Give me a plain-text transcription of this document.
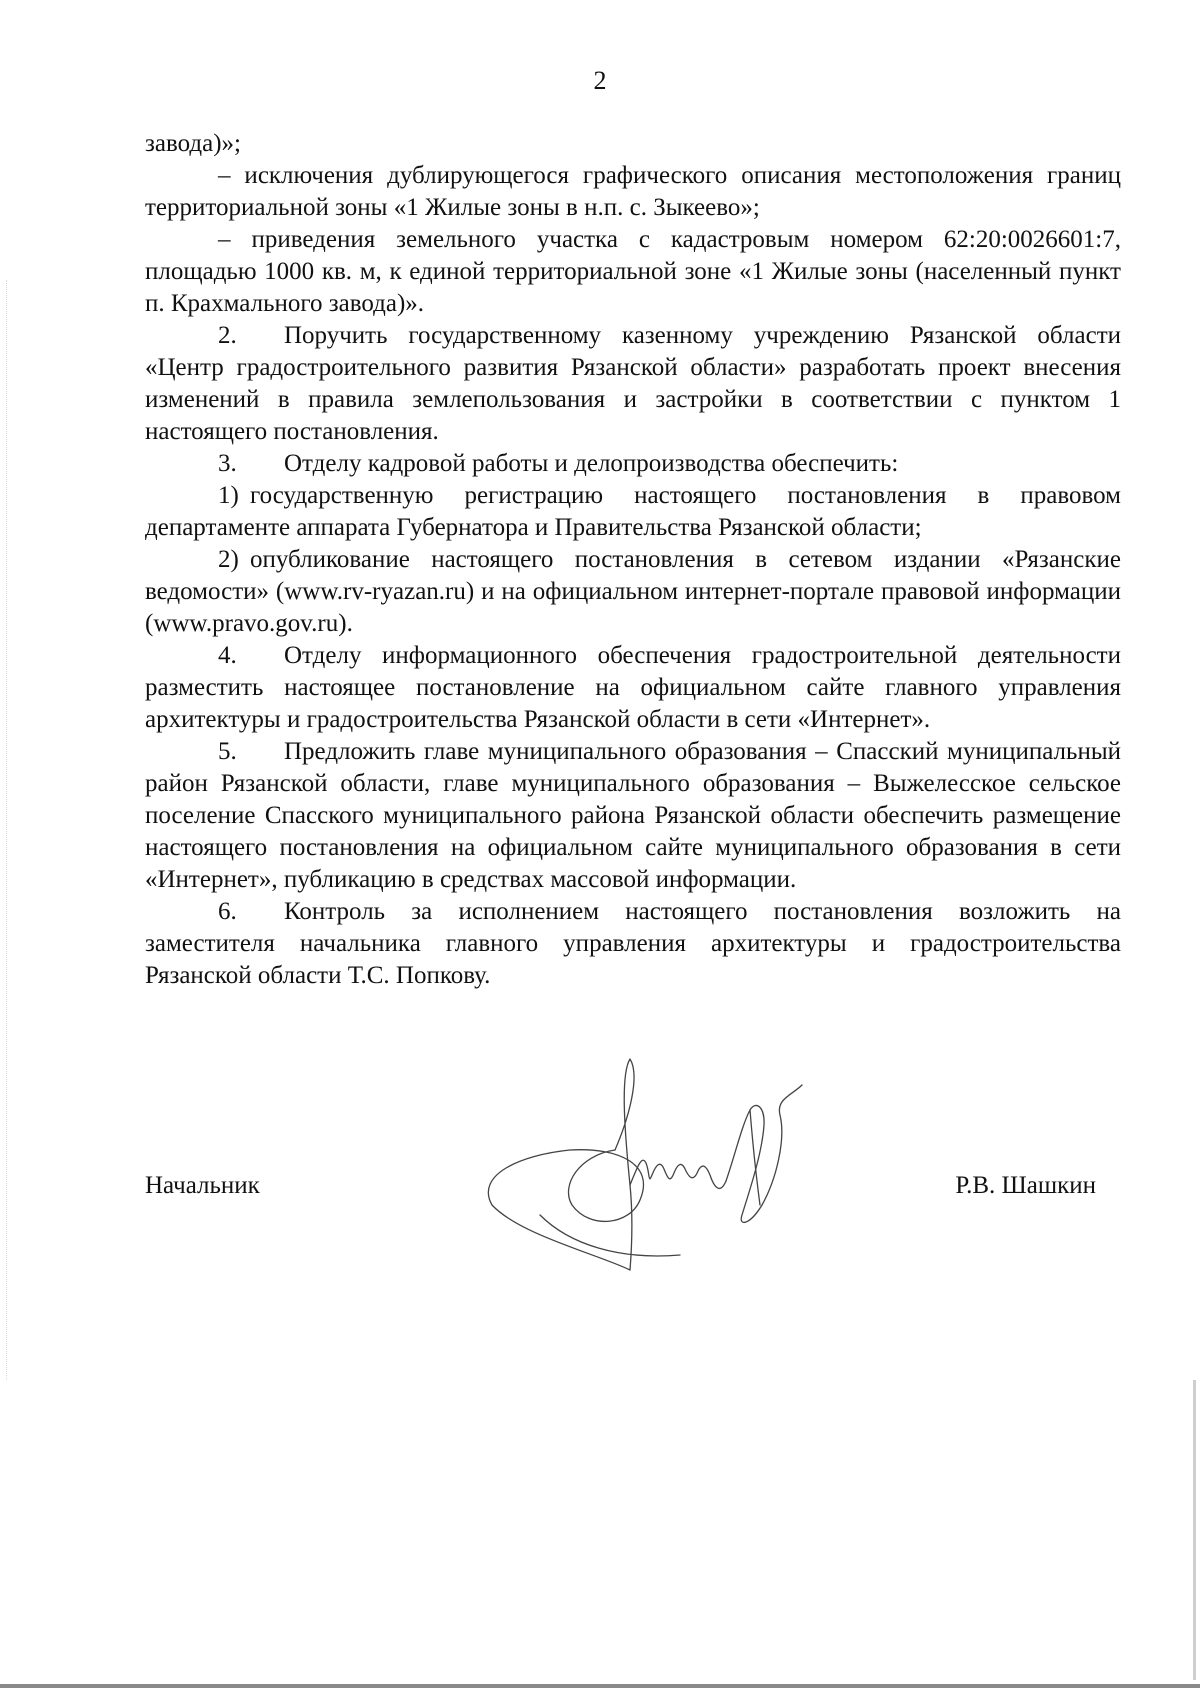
2

завода)»;

– исключения дублирующегося графического описания местоположения границ территориальной зоны «1 Жилые зоны в н.п. с. Зыкеево»;

– приведения земельного участка с кадастровым номером 62:20:0026601:7, площадью 1000 кв. м, к единой территориальной зоне «1 Жилые зоны (населенный пункт п. Крахмального завода)».

2. Поручить государственному казенному учреждению Рязанской области «Центр градостроительного развития Рязанской области» разработать проект внесения изменений в правила землепользования и застройки в соответствии с пунктом 1 настоящего постановления.

3. Отделу кадровой работы и делопроизводства обеспечить:

1) государственную регистрацию настоящего постановления в правовом департаменте аппарата Губернатора и Правительства Рязанской области;

2) опубликование настоящего постановления в сетевом издании «Рязанские ведомости» (www.rv-ryazan.ru) и на официальном интернет-портале правовой информации (www.pravo.gov.ru).

4. Отделу информационного обеспечения градостроительной деятельности разместить настоящее постановление на официальном сайте главного управления архитектуры и градостроительства Рязанской области в сети «Интернет».

5. Предложить главе муниципального образования – Спасский муниципальный район Рязанской области, главе муниципального образования – Выжелесское сельское поселение Спасского муниципального района Рязанской области обеспечить размещение настоящего постановления на официальном сайте муниципального образования в сети «Интернет», публикацию в средствах массовой информации.

6. Контроль за исполнением настоящего постановления возложить на заместителя начальника главного управления архитектуры и градостроительства Рязанской области Т.С. Попкову.

Начальник	Р.В. Шашкин
